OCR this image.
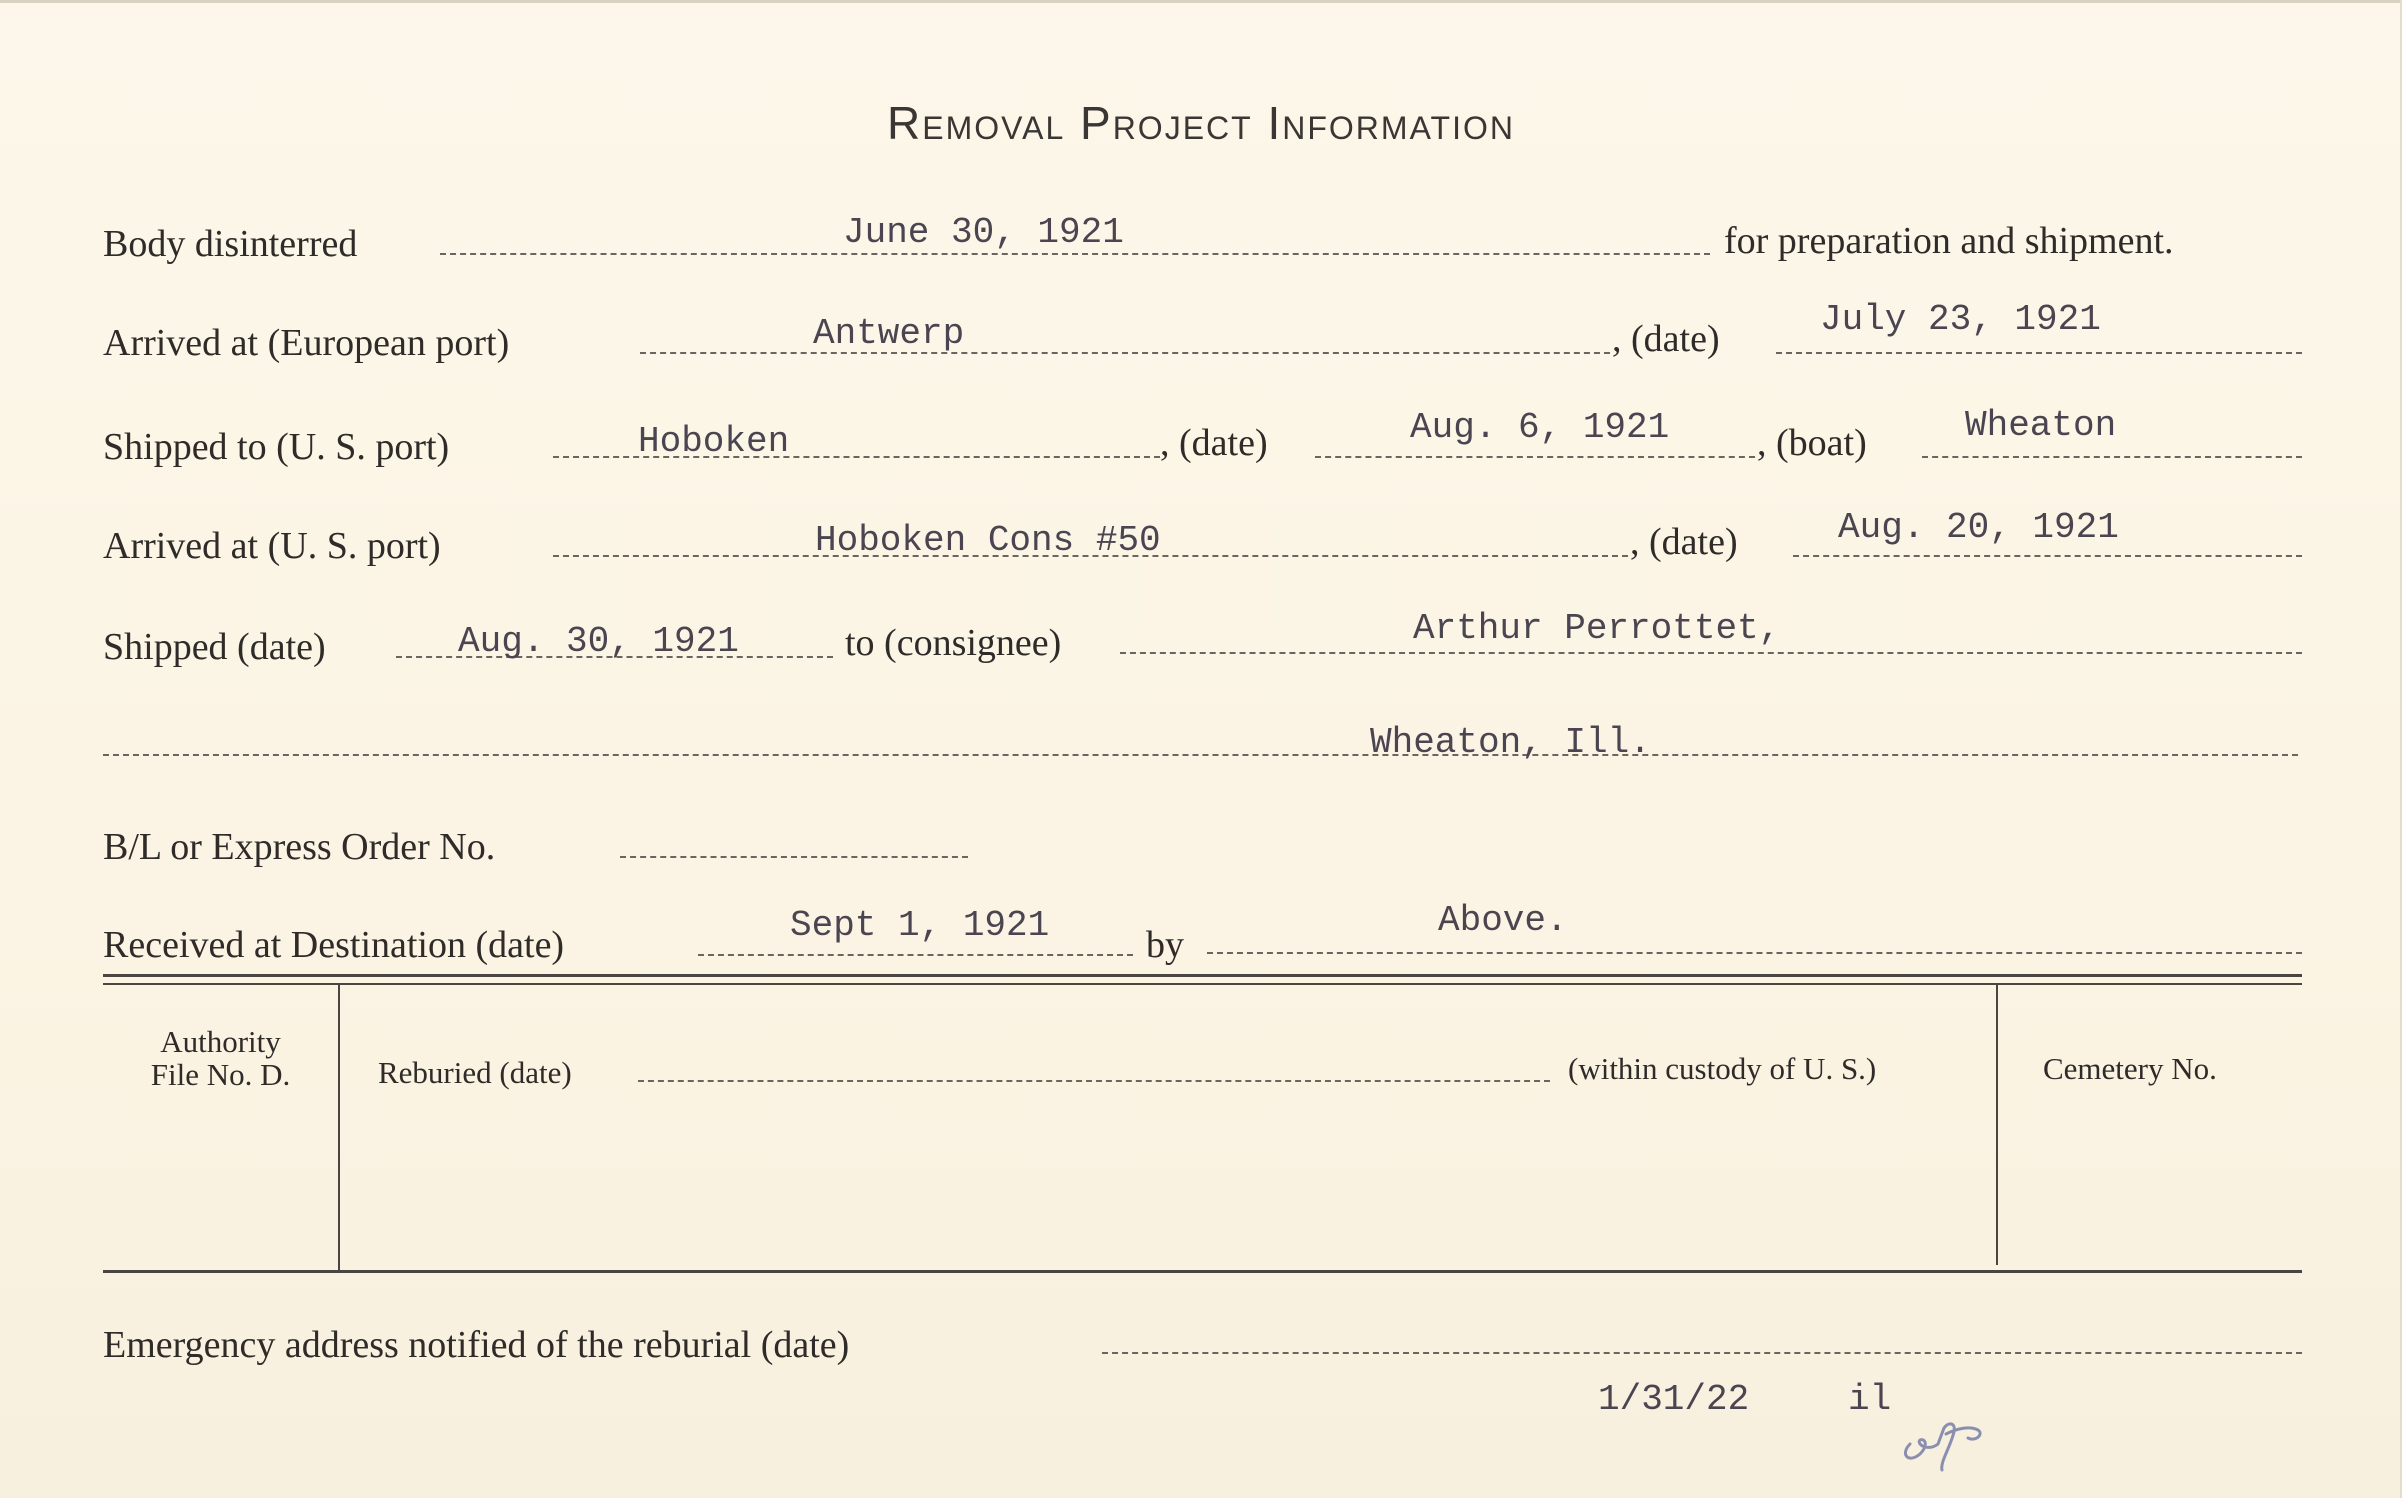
Removal Project Information
Body disinterred	June 30, 1921	for preparation and shipment.
Arrived at (European port)	Antwerp	, (date)	July 23, 1921
Shipped to (U. S. port)	Hoboken	, (date)	Aug. 6, 1921 , (boat)	Wheaton
Arrived at (U. S. port)	Hoboken Cons #50	, (date)	Aug. 20, 1921
Shipped (date)	Aug. 30, 1921	to (consignee)	Arthur Perrottet,
Wheaton, Ill.
B/L or Express Order No.
Received at Destination (date)	Sept 1, 1921	by
Above.
Authority
File No. D.	Reburied (date)	(within custody of U. S.)	Cemetery No.
Emergency address notified of the reburial (date)
1/31/22	il
